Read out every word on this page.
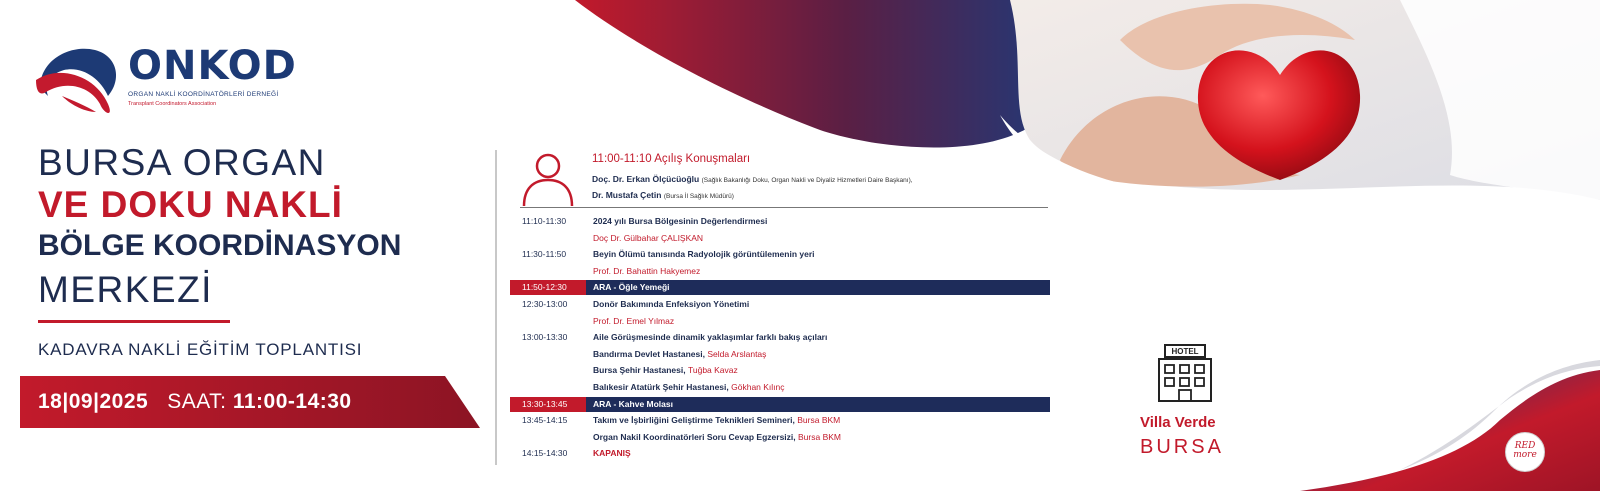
ONKOD
ORGAN NAKLİ KOORDİNATÖRLERİ DERNEĞİ
Transplant Coordinators Association
BURSA ORGAN
VE DOKU NAKLİ
BÖLGE KOORDİNASYON
MERKEZİ
KADAVRA NAKLİ EĞİTİM TOPLANTISI
18|09|2025 SAAT: 11:00-14:30
11:00-11:10 Açılış Konuşmaları
Doç. Dr. Erkan Ölçücüoğlu (Sağlık Bakanlığı Doku, Organ Nakli ve Diyaliz Hizmetleri Daire Başkanı),
Dr. Mustafa Çetin (Bursa İl Sağlık Müdürü)
11:10-11:30	2024 yılı Bursa Bölgesinin Değerlendirmesi
Doç Dr. Gülbahar ÇALIŞKAN
11:30-11:50	Beyin Ölümü tanısında Radyolojik görüntülemenin yeri
Prof. Dr. Bahattin Hakyemez
11:50-12:30	ARA - Öğle Yemeği
12:30-13:00	Donör Bakımında Enfeksiyon Yönetimi
Prof. Dr. Emel Yılmaz
13:00-13:30	Aile Görüşmesinde dinamik yaklaşımlar farklı bakış açıları
Bandırma Devlet Hastanesi, Selda Arslantaş
Bursa Şehir Hastanesi, Tuğba Kavaz
Balıkesir Atatürk Şehir Hastanesi, Gökhan Kılınç
13:30-13:45	ARA - Kahve Molası
13:45-14:15	Takım ve İşbirliğini Geliştirme Teknikleri Semineri, Bursa BKM
Organ Nakil Koordinatörleri Soru Cevap Egzersizi, Bursa BKM
14:15-14:30	KAPANIŞ
HOTEL
Villa Verde
BURSA	RED
more
